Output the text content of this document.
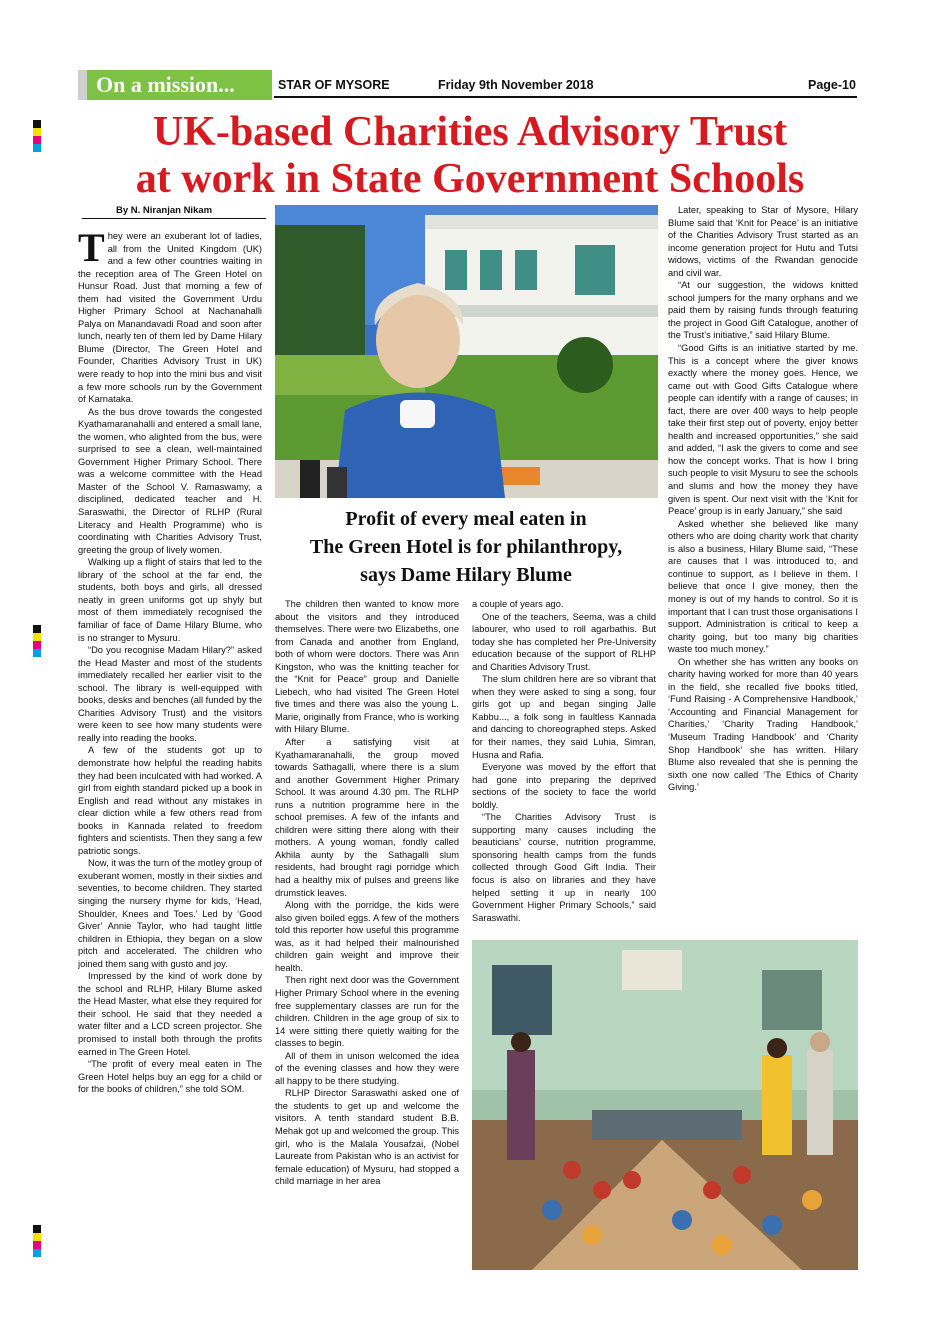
On a mission...	STAR OF MYSORE	Friday 9th November 2018	Page-10
UK-based Charities Advisory Trust
at work in State Government Schools
By N. Niranjan Nikam

They were an exuberant lot of ladies, all from the United Kingdom (UK) and a few other countries waiting in the reception area of The Green Hotel on Hunsur Road. Just that morning a few of them had visited the Government Urdu Higher Primary School at Nachanahalli Palya on Manandavadi Road and soon after lunch, nearly ten of them led by Dame Hilary Blume (Director, The Green Hotel and Founder, Charities Advisory Trust in UK) were ready to hop into the mini bus and visit a few more schools run by the Government of Karnataka.

As the bus drove towards the congested Kyathamaranahalli and entered a small lane, the women, who alighted from the bus, were surprised to see a clean, well-maintained Government Higher Primary School. There was a welcome committee with the Head Master of the School V. Ramaswamy, a disciplined, dedicated teacher and H. Saraswathi, the Director of RLHP (Rural Literacy and Health Programme) who is coordinating with Charities Advisory Trust, greeting the group of lively women.

Walking up a flight of stairs that led to the library of the school at the far end, the students, both boys and girls, all dressed neatly in green uniforms got up shyly but most of them immediately recognised the familiar of face of Dame Hilary Blume, who is no stranger to Mysuru.

“Do you recognise Madam Hilary?” asked the Head Master and most of the students immediately recalled her earlier visit to the school. The library is well-equipped with books, desks and benches (all funded by the Charities Advisory Trust) and the visitors were keen to see how many students were really into reading the books.

A few of the students got up to demonstrate how helpful the reading habits they had been inculcated with had worked. A girl from eighth standard picked up a book in English and read without any mistakes in clear diction while a few others read from books in Kannada related to freedom fighters and scientists. Then they sang a few patriotic songs.

Now, it was the turn of the motley group of exuberant women, mostly in their sixties and seventies, to become children. They started singing the nursery rhyme for kids, ‘Head, Shoulder, Knees and Toes.’ Led by ‘Good Giver’ Annie Taylor, who had taught little children in Ethiopia, they began on a slow pitch and accelerated. The children who joined them sang with gusto and joy.

Impressed by the kind of work done by the school and RLHP, Hilary Blume asked the Head Master, what else they required for their school. He said that they needed a water filter and a LCD screen projector. She promised to install both through the profits earned in The Green Hotel.

“The profit of every meal eaten in The Green Hotel helps buy an egg for a child or for the books of children,” she told SOM.

Profit of every meal eaten in
The Green Hotel is for philanthropy,
says Dame Hilary Blume

The children then wanted to know more about the visitors and they introduced themselves. There were two Elizabeths, one from Canada and another from England, both of whom were doctors. There was Ann Kingston, who was the knitting teacher for the “Knit for Peace” group and Danielle Liebech, who had visited The Green Hotel five times and there was also the young L. Marie, originally from France, who is working with Hilary Blume.

After a satisfying visit at Kyathamaranahalli, the group moved towards Sathagalli, where there is a slum and another Government Higher Primary School. It was around 4.30 pm. The RLHP runs a nutrition programme here in the school premises. A few of the infants and children were sitting there along with their mothers. A young woman, fondly called Akhila aunty by the Sathagalli slum residents, had brought ragi porridge which had a healthy mix of pulses and greens like drumstick leaves.

Along with the porridge, the kids were also given boiled eggs. A few of the mothers told this reporter how useful this programme was, as it had helped their malnourished children gain weight and improve their health.

Then right next door was the Government Higher Primary School where in the evening free supplementary classes are run for the children. Children in the age group of six to 14 were sitting there quietly waiting for the classes to begin.

All of them in unison welcomed the idea of the evening classes and how they were all happy to be there studying.

RLHP Director Saraswathi asked one of the students to get up and welcome the visitors. A tenth standard student B.B. Mehak got up and welcomed the group. This girl, who is the Malala Yousafzai, (Nobel Laureate from Pakistan who is an activist for female education) of Mysuru, had stopped a child marriage in her area

a couple of years ago.

One of the teachers, Seema, was a child labourer, who used to roll agarbathis. But today she has completed her Pre-University education because of the support of RLHP and Charities Advisory Trust.

The slum children here are so vibrant that when they were asked to sing a song, four girls got up and began singing Jalle Kabbu..., a folk song in faultless Kannada and dancing to choreographed steps. Asked for their names, they said Luhia, Simran, Husna and Rafia.

Everyone was moved by the effort that had gone into preparing the deprived sections of the society to face the world boldly.

“The Charities Advisory Trust is supporting many causes including the beauticians’ course, nutrition programme, sponsoring health camps from the funds collected through Good Gift India. Their focus is also on libraries and they have helped setting it up in nearly 100 Government Higher Primary Schools,” said Saraswathi.

Later, speaking to Star of Mysore, Hilary Blume said that ‘Knit for Peace’ is an initiative of the Charities Advisory Trust started as an income generation project for Hutu and Tutsi widows, victims of the Rwandan genocide and civil war.

“At our suggestion, the widows knitted school jumpers for the many orphans and we paid them by raising funds through featuring the project in Good Gift Catalogue, another of the Trust’s initiative,” said Hilary Blume.

“Good Gifts is an initiative started by me. This is a concept where the giver knows exactly where the money goes. Hence, we came out with Good Gifts Catalogue where people can identify with a range of causes; in fact, there are over 400 ways to help people take their first step out of poverty, enjoy better health and increased opportunities,” she said and added, “I ask the givers to come and see how the concept works. That is how I bring such people to visit Mysuru to see the schools and slums and how the money they have given is spent. Our next visit with the ‘Knit for Peace’ group is in early January,” she said

Asked whether she believed like many others who are doing charity work that charity is also a business, Hilary Blume said, “These are causes that I was introduced to, and continue to support, as I believe in them. I believe that once I give money, then the money is out of my hands to control. So it is important that I can trust those organisations I support. Administration is critical to keep a charity going, but too many big charities waste too much money.”

On whether she has written any books on charity having worked for more than 40 years in the field, she recalled five books titled, ‘Fund Raising - A Comprehensive Handbook,’ ‘Accounting and Financial Management for Charities,’ ‘Charity Trading Handbook,’ ‘Museum Trading Handbook’ and ‘Charity Shop Handbook’ she has written. Hilary Blume also revealed that she is penning the sixth one now called ‘The Ethics of Charity Giving.’
